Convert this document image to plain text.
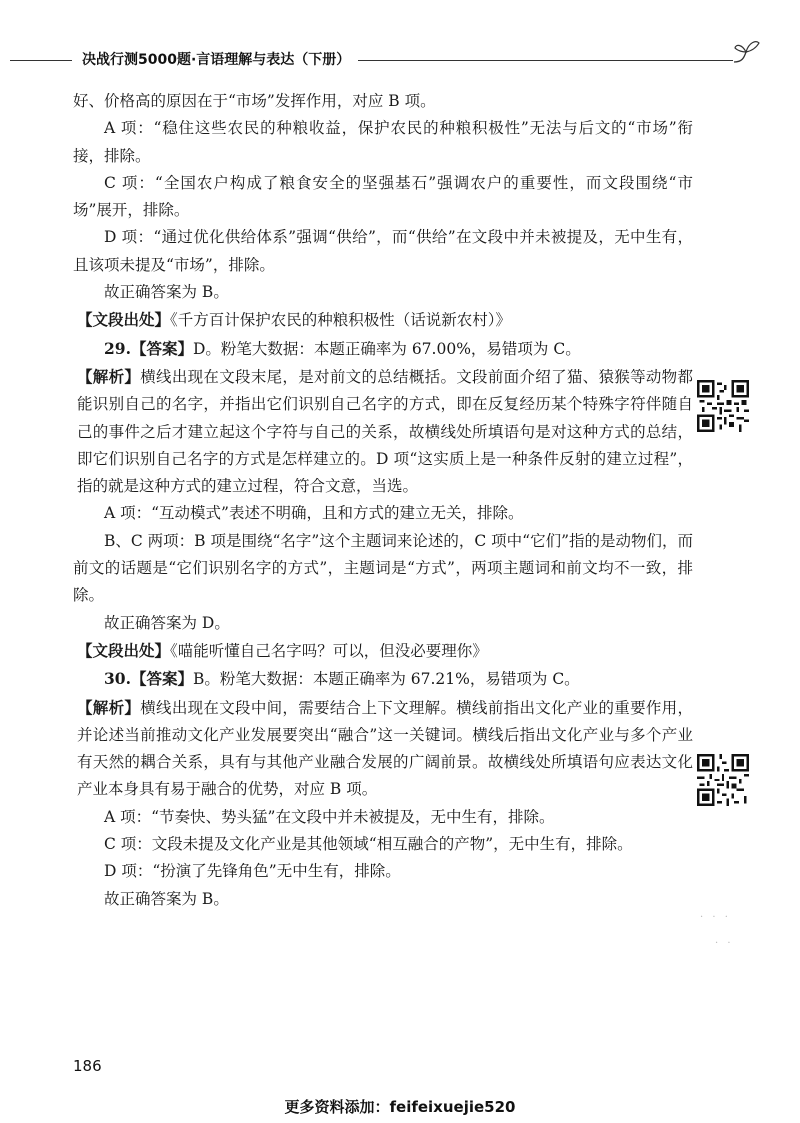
决战行测5000题·言语理解与表达（下册）

好、价格高的原因在于“市场”发挥作用，对应 B 项。

A 项：“稳住这些农民的种粮收益，保护农民的种粮积极性”无法与后文的“市场”衔接，排除。

C 项：“全国农户构成了粮食安全的坚强基石”强调农户的重要性，而文段围绕“市场”展开，排除。

D 项：“通过优化供给体系”强调“供给”，而“供给”在文段中并未被提及，无中生有，且该项未提及“市场”，排除。

故正确答案为 B。

【文段出处】《千方百计保护农民的种粮积极性（话说新农村）》

29.【答案】D。粉笔大数据：本题正确率为 67.00%，易错项为 C。

【解析】横线出现在文段末尾，是对前文的总结概括。文段前面介绍了猫、猿猴等动物都能识别自己的名字，并指出它们识别自己名字的方式，即在反复经历某个特殊字符伴随自己的事件之后才建立起这个字符与自己的关系，故横线处所填语句是对这种方式的总结，即它们识别自己名字的方式是怎样建立的。D 项“这实质上是一种条件反射的建立过程”，指的就是这种方式的建立过程，符合文意，当选。

A 项：“互动模式”表述不明确，且和方式的建立无关，排除。

B、C 两项：B 项是围绕“名字”这个主题词来论述的，C 项中“它们”指的是动物们，而前文的话题是“它们识别名字的方式”，主题词是“方式”，两项主题词和前文均不一致，排除。

故正确答案为 D。

【文段出处】《喵能听懂自己名字吗？可以，但没必要理你》

30.【答案】B。粉笔大数据：本题正确率为 67.21%，易错项为 C。

【解析】横线出现在文段中间，需要结合上下文理解。横线前指出文化产业的重要作用，并论述当前推动文化产业发展要突出“融合”这一关键词。横线后指出文化产业与多个产业有天然的耦合关系，具有与其他产业融合发展的广阔前景。故横线处所填语句应表达文化产业本身具有易于融合的优势，对应 B 项。

A 项：“节奏快、势头猛”在文段中并未被提及，无中生有，排除。

C 项：文段未提及文化产业是其他领域“相互融合的产物”，无中生有，排除。

D 项：“扮演了先锋角色”无中生有，排除。

故正确答案为 B。

· · ·
· ·
186
更多资料添加：feifeixuejie520
